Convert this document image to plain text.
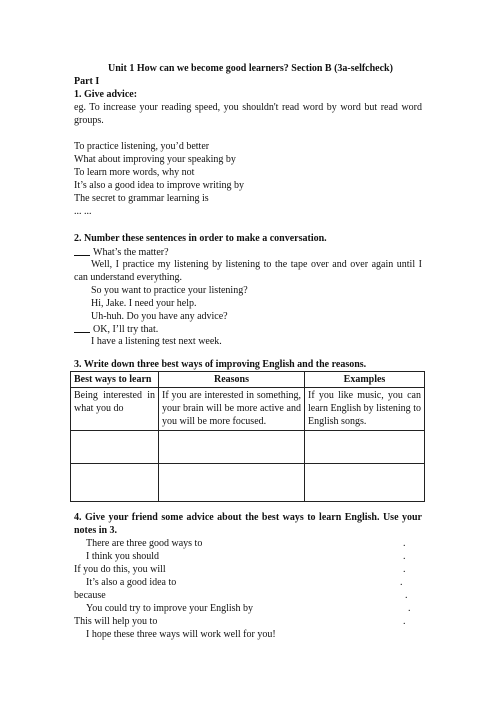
Unit 1 How can we become good learners? Section B (3a-selfcheck)
Part I
1. Give advice:
eg. To increase your reading speed, you shouldn't read word by word but read word groups.
To practice listening, you’d better
What about improving your speaking by
To learn more words, why not
It’s also a good idea to improve writing by
The secret to grammar learning is
... ...
2. Number these sentences in order to make a conversation.
What’s the matter?
Well, I practice my listening by listening to the tape over and over again until I can understand everything.
So you want to practice your listening?
Hi, Jake. I need your help.
Uh-huh. Do you have any advice?
OK, I’ll try that.
I have a listening test next week.
3. Write down three best ways of improving English and the reasons.
Best ways to learn	Reasons	Examples
Being interested in what you do	If you are interested in something, your brain will be more active and you will be more focused.	If you like music, you can learn English by listening to English songs.

4. Give your friend some advice about the best ways to learn English. Use your notes in 3.
There are three good ways to	.
I think you should	.
If you do this, you will	.
It’s also a good idea to	.
because	.
You could try to improve your English by	.
This will help you to	.
I hope these three ways will work well for you!
